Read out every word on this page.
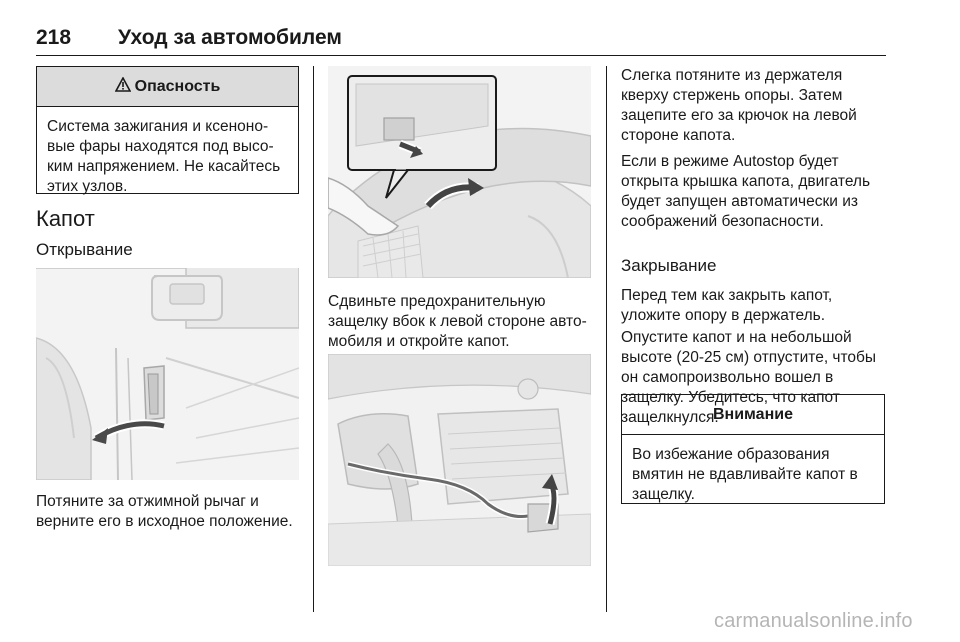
218 Уход за автомобилем
Опасность
Система зажигания и ксеноно-
вые фары находятся под высо-
ким напряжением. Не касайтесь
этих узлов.
Капот
Открывание
Потяните за отжимной рычаг и
верните его в исходное положение.
Сдвиньте предохранительную
защелку вбок к левой стороне авто-
мобиля и откройте капот.
Слегка потяните из держателя
кверху стержень опоры. Затем
зацепите его за крючок на левой
стороне капота.
Если в режиме Autostop будет
открыта крышка капота, двигатель
будет запущен автоматически из
соображений безопасности.
Закрывание
Перед тем как закрыть капот,
уложите опору в держатель.
Опустите капот и на небольшой
высоте (20-25 см) отпустите, чтобы
он самопроизвольно вошел в
защелку. Убедитесь, что капот
защелкнулся.
Внимание
Во избежание образования
вмятин не вдавливайте капот в
защелку.
carmanualsonline.info
